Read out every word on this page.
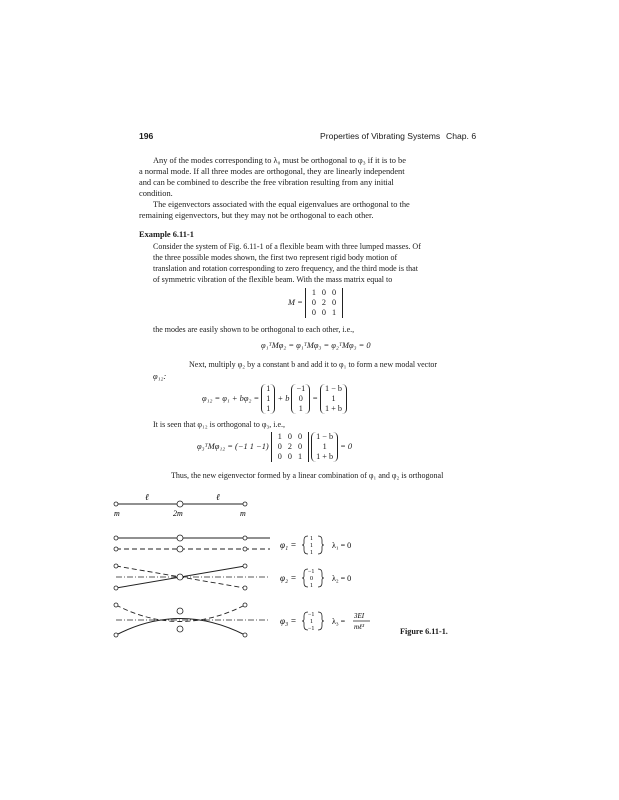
196	Properties of Vibrating Systems Chap. 6
Any of the modes corresponding to λ₀ must be orthogonal to φ₃ if it is to be
a normal mode. If all three modes are orthogonal, they are linearly independent
and can be combined to describe the free vibration resulting from any initial
condition.
The eigenvectors associated with the equal eigenvalues are orthogonal to the
remaining eigenvectors, but they may not be orthogonal to each other.
Example 6.11-1
Consider the system of Fig. 6.11-1 of a flexible beam with three lumped masses. Of
the three possible modes shown, the first two represent rigid body motion of
translation and rotation corresponding to zero frequency, and the third mode is that
of symmetric vibration of the flexible beam. With the mass matrix equal to
M =
1	0	0
0	2	0
0	0	1
the modes are easily shown to be orthogonal to each other, i.e.,
φ₁ᵀMφ₂ = φ₁ᵀMφ₃ = φ₂ᵀMφ₃ = 0
Next, multiply φ₂ by a constant b and add it to φ₁ to form a new modal vector
φ₁₂:
φ₁₂ = φ₁ + bφ₂ =
1
1
1
+ b
−1
0
1
=
1 − b
1
1 + b
It is seen that φ₁₂ is orthogonal to φ₃, i.e.,
φ₃ᵀMφ₁₂ = (−1 1 −1)
1	0	0
0	2	0
0	0	1

1 − b
1
1 + b
= 0
Thus, the new eigenvector formed by a linear combination of φ₁ and φ₂ is orthogonal
ℓ	ℓ
m	2m	m
φ₁ =
1
1
1
λ₁ = 0
φ₂ =
−1
0
1
λ₂ = 0
φ₃ =
−1
1
−1
λ₃ =
3EI
mℓ³	Figure 6.11-1.
